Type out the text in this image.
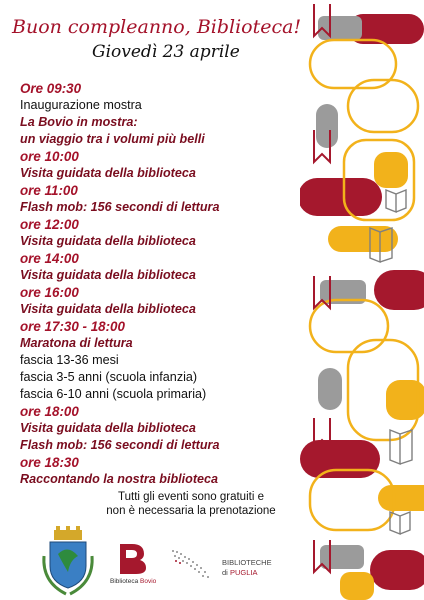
Buon compleanno, Biblioteca!
Giovedì 23 aprile
Ore 09:30
Inaugurazione mostra
La Bovio in mostra:
un viaggio tra i volumi più belli
ore 10:00
Visita guidata della biblioteca
ore 11:00
Flash mob: 156 secondi di lettura
ore 12:00
Visita guidata della biblioteca
ore 14:00
Visita guidata della biblioteca
ore 16:00
Visita guidata della biblioteca
ore 17:30 - 18:00
Maratona di lettura
fascia 13-36 mesi
fascia 3-5 anni (scuola infanzia)
fascia 6-10 anni (scuola primaria)
ore 18:00
Visita guidata della biblioteca
Flash mob: 156 secondi di lettura
ore 18:30
Raccontando la nostra biblioteca
Tutti gli eventi sono gratuiti e
non è necessaria la prenotazione
Biblioteca Bovio
BIBLIOTECHE
di PUGLIA
